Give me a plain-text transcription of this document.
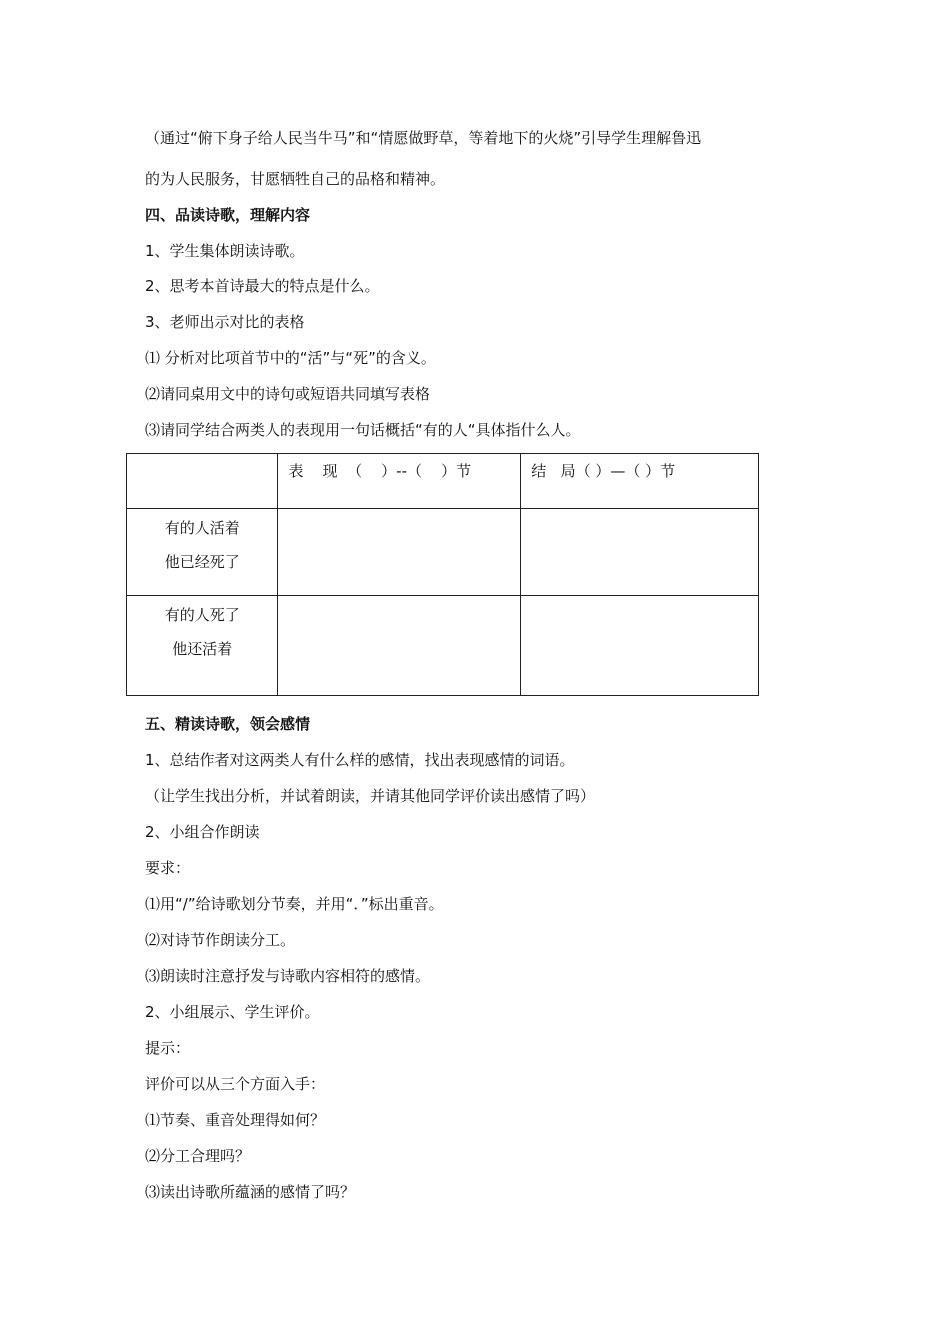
（通过“俯下身子给人民当牛马”和“情愿做野草，等着地下的火烧”引导学生理解鲁迅
的为人民服务，甘愿牺牲自己的品格和精神。
四、品读诗歌，理解内容
1、学生集体朗读诗歌。
2、思考本首诗最大的特点是什么。
3、老师出示对比的表格
⑴ 分析对比项首节中的“活”与“死”的含义。
⑵请同桌用文中的诗句或短语共同填写表格
⑶请同学结合两类人的表现用一句话概括“有的人“具体指什么人。
	表    现  （    ）--（    ）节	结   局（ ）—（ ）节

有的人活着
他已经死了		

有的人死了
他还活着		

五、精读诗歌，领会感情
1、总结作者对这两类人有什么样的感情，找出表现感情的词语。
（让学生找出分析，并试着朗读，并请其他同学评价读出感情了吗）
2、小组合作朗读
要求：
⑴用“/”给诗歌划分节奏，并用“．”标出重音。
⑵对诗节作朗读分工。
⑶朗读时注意抒发与诗歌内容相符的感情。
2、小组展示、学生评价。
提示：
评价可以从三个方面入手：
⑴节奏、重音处理得如何？
⑵分工合理吗？
⑶读出诗歌所蕴涵的感情了吗？
